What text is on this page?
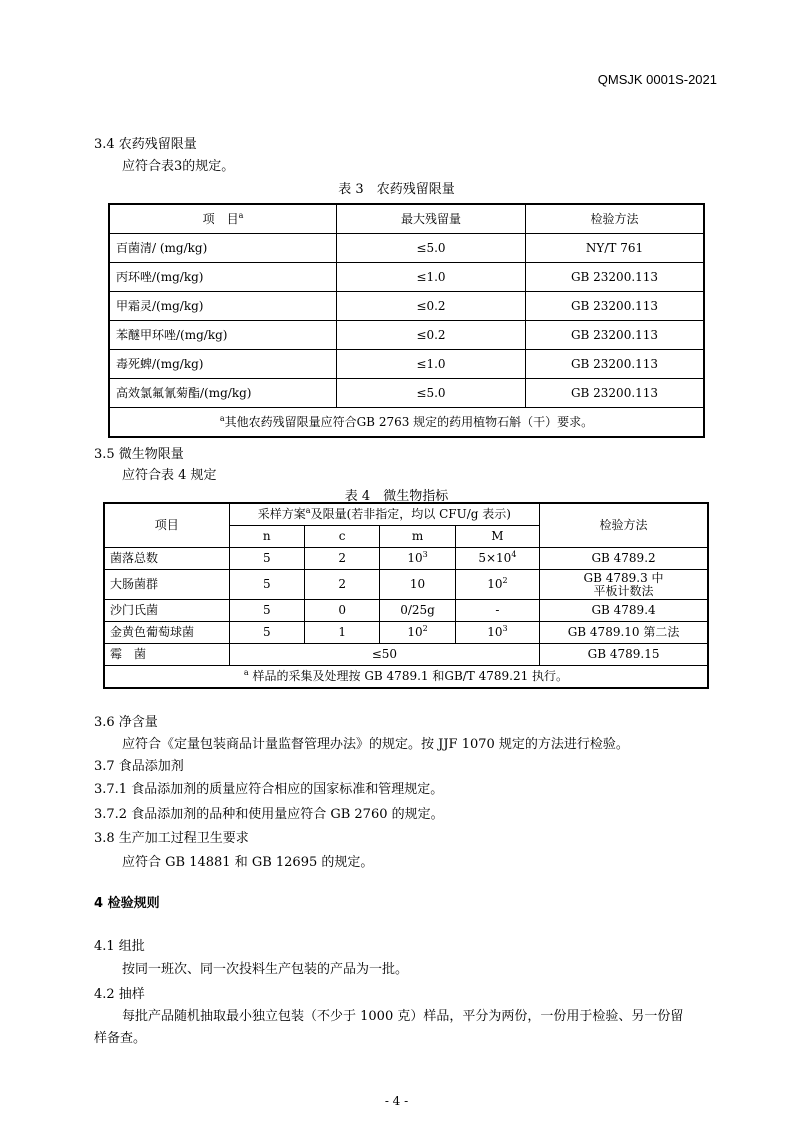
QMSJK 0001S-2021
3.4 农药残留限量
应符合表3的规定。
表 3　农药残留限量
项　目$^a$	最大残留量	检验方法
百菌清/ (mg/kg)	≤5.0	NY/T 761
丙环唑/(mg/kg)	≤1.0	GB 23200.113
甲霜灵/(mg/kg)	≤0.2	GB 23200.113
苯醚甲环唑/(mg/kg)	≤0.2	GB 23200.113
毒死蜱/(mg/kg)	≤1.0	GB 23200.113
高效氯氟氰菊酯/(mg/kg)	≤5.0	GB 23200.113
$^a$其他农药残留限量应符合GB 2763 规定的药用植物石斛（干）要求。		
3.5 微生物限量
应符合表 4 规定
表 4　微生物指标
项目	采样方案$^a$及限量(若非指定，均以 CFU/g 表示)				检验方法
	n	c	m	M	
菌落总数	5	2	$10^3$	$5\times 10^4$	GB 4789.2
大肠菌群	5	2	10	$10^2$	GB 4789.3 中
平板计数法

沙门氏菌	5	0	0/25g	-	GB 4789.4
金黄色葡萄球菌	5	1	$10^2$	$10^3$	GB 4789.10 第二法
霉　菌	≤50				GB 4789.15
$^a$ 样品的采集及处理按 GB 4789.1 和GB/T 4789.21 执行。					
3.6 净含量
应符合《定量包装商品计量监督管理办法》的规定。按 JJF 1070 规定的方法进行检验。
3.7 食品添加剂
3.7.1 食品添加剂的质量应符合相应的国家标准和管理规定。
3.7.2 食品添加剂的品种和使用量应符合 GB 2760 的规定。
3.8 生产加工过程卫生要求
应符合 GB 14881 和 GB 12695 的规定。
4 检验规则
4.1 组批
按同一班次、同一次投料生产包装的产品为一批。
4.2 抽样
每批产品随机抽取最小独立包装（不少于 1000 克）样品，平分为两份，一份用于检验、另一份留
样备查。
- 4 -
